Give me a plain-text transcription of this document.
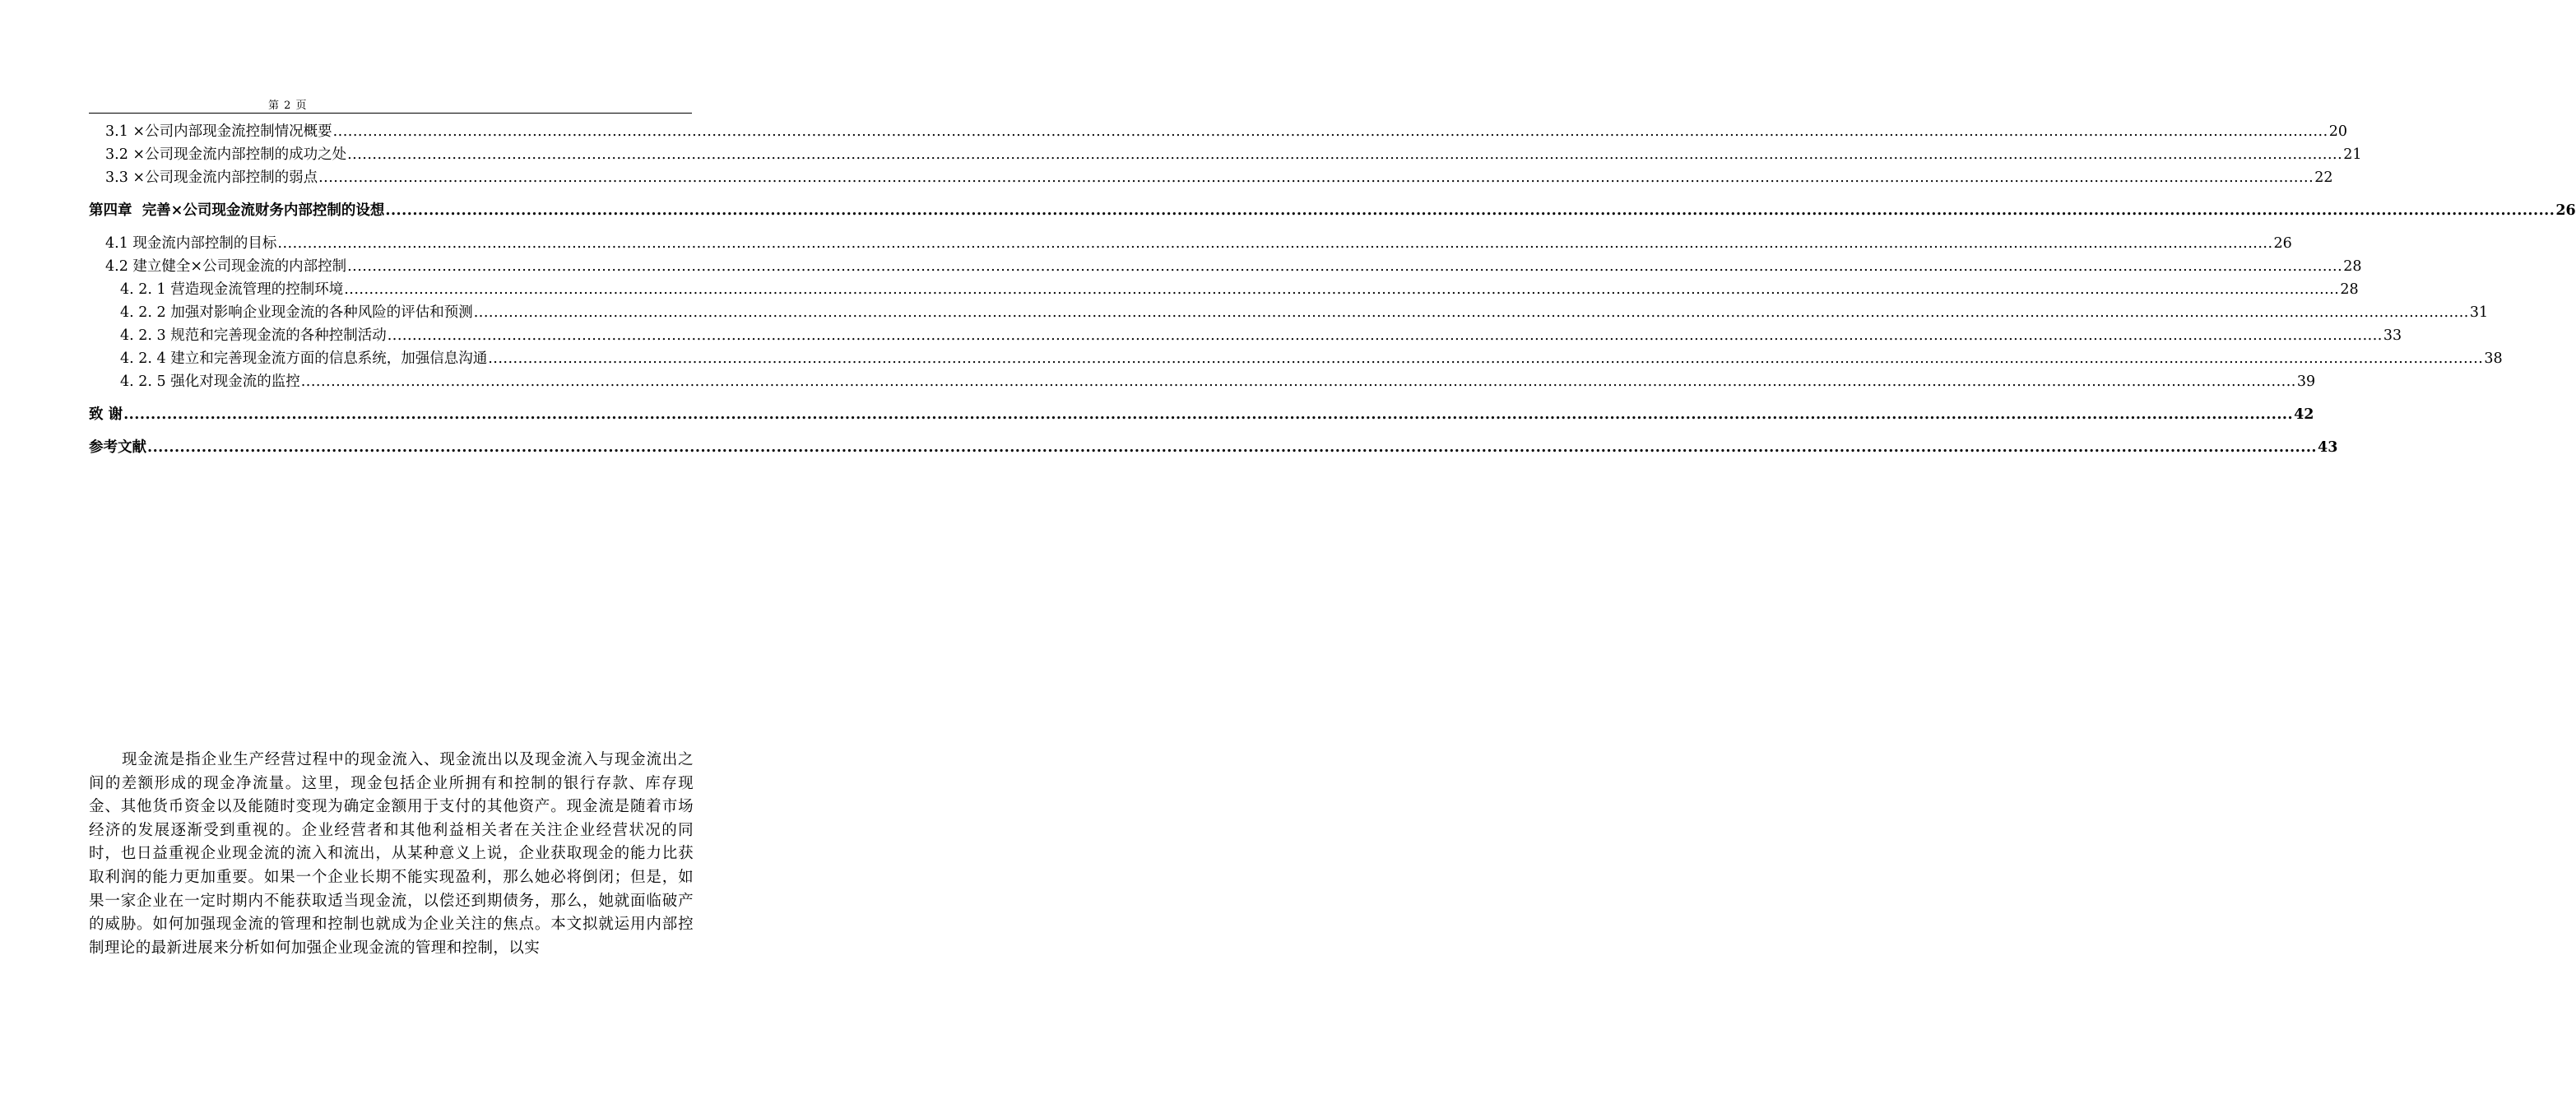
第 2 页
3.1 ×公司内部现金流控制情况概要 ................................................................................................................................................................................................................................................................................................................................................................................................................ 20
3.2 ×公司现金流内部控制的成功之处 ................................................................................................................................................................................................................................................................................................................................................................................................................ 21
3.3 ×公司现金流内部控制的弱点 ................................................................................................................................................................................................................................................................................................................................................................................................................ 22
第四章 完善×公司现金流财务内部控制的设想 ................................................................................................................................................................................................................................................................................................................................................................................................................ 26
4.1 现金流内部控制的目标 ................................................................................................................................................................................................................................................................................................................................................................................................................ 26
4.2 建立健全×公司现金流的内部控制 ................................................................................................................................................................................................................................................................................................................................................................................................................ 28
4. 2. 1 营造现金流管理的控制环境 ................................................................................................................................................................................................................................................................................................................................................................................................................ 28
4. 2. 2 加强对影响企业现金流的各种风险的评估和预测 ................................................................................................................................................................................................................................................................................................................................................................................................................ 31
4. 2. 3 规范和完善现金流的各种控制活动 ................................................................................................................................................................................................................................................................................................................................................................................................................ 33
4. 2. 4 建立和完善现金流方面的信息系统，加强信息沟通 ................................................................................................................................................................................................................................................................................................................................................................................................................ 38
4. 2. 5 强化对现金流的监控 ................................................................................................................................................................................................................................................................................................................................................................................................................ 39
致 谢 ................................................................................................................................................................................................................................................................................................................................................................................................................ 42
参考文献 ................................................................................................................................................................................................................................................................................................................................................................................................................ 43
现金流是指企业生产经营过程中的现金流入、现金流出以及现金流入与现金流出之间的差额形成的现金净流量。这里，现金包括企业所拥有和控制的银行存款、库存现金、其他货币资金以及能随时变现为确定金额用于支付的其他资产。现金流是随着市场经济的发展逐渐受到重视的。企业经营者和其他利益相关者在关注企业经营状况的同时，也日益重视企业现金流的流入和流出，从某种意义上说，企业获取现金的能力比获取利润的能力更加重要。如果一个企业长期不能实现盈利，那么她必将倒闭；但是，如果一家企业在一定时期内不能获取适当现金流，以偿还到期债务，那么，她就面临破产的威胁。如何加强现金流的管理和控制也就成为企业关注的焦点。本文拟就运用内部控制理论的最新进展来分析如何加强企业现金流的管理和控制，以实
